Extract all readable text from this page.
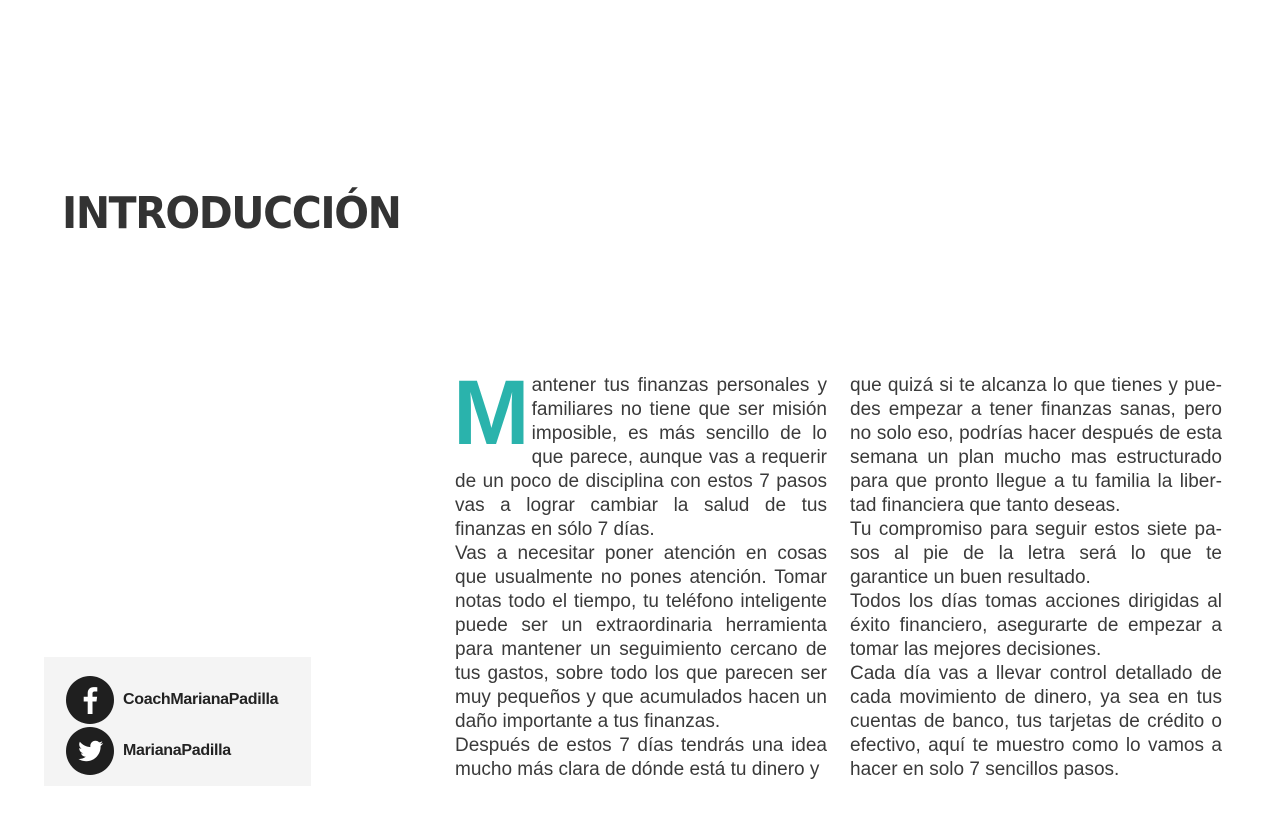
INTRODUCCIÓN
M antener tus finanzas personales y familiares no tiene que ser misión imposible, es más sencillo de lo que parece, aunque vas a requerir de un poco de disciplina con estos 7 pasos vas a lograr cambiar la salud de tus finanzas en sólo 7 días.

Vas a necesitar poner atención en cosas que usualmente no pones atención. Tomar notas todo el tiempo, tu teléfono inteligente puede ser un extraordinaria herramienta para mantener un seguimiento cercano de tus gastos, sobre todo los que parecen ser muy pequeños y que acumulados hacen un daño importante a tus finanzas.

Después de estos 7 días tendrás una idea mucho más clara de dónde está tu dinero y

que quizá si te alcanza lo que tienes y puedes empezar a tener finanzas sanas, pero no solo eso, podrías hacer después de esta semana un plan mucho mas estructurado para que pronto llegue a tu familia la libertad financiera que tanto deseas.

Tu compromiso para seguir estos siete pasos al pie de la letra será lo que te garantice un buen resultado.

Todos los días tomas acciones dirigidas al éxito financiero, asegurarte de empezar a tomar las mejores decisiones.

Cada día vas a llevar control detallado de cada movimiento de dinero, ya sea en tus cuentas de banco, tus tarjetas de crédito o efectivo, aquí te muestro como lo vamos a hacer en solo 7 sencillos pasos.

CoachMarianaPadilla
MarianaPadilla
